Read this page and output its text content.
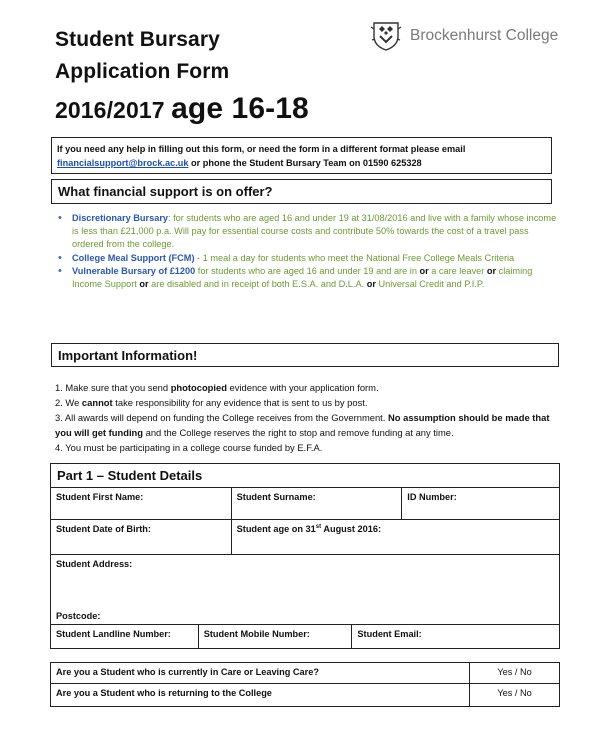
Student Bursary
Application Form
2016/2017 age 16-18
Brockenhurst College
If you need any help in filling out this form, or need the form in a different format please email
financialsupport@brock.ac.uk or phone the Student Bursary Team on 01590 625328
What financial support is on offer?
• Discretionary Bursary: for students who are aged 16 and under 19 at 31/08/2016 and live with a family whose income is less than £21,000 p.a. Will pay for essential course costs and contribute 50% towards the cost of a travel pass ordered from the college.
• College Meal Support (FCM) - 1 meal a day for students who meet the National Free College Meals Criteria
• Vulnerable Bursary of £1200 for students who are aged 16 and under 19 and are in or a care leaver or claiming Income Support or are disabled and in receipt of both E.S.A. and D.L.A. or Universal Credit and P.I.P.
Important Information!
1. Make sure that you send photocopied evidence with your application form.
2. We cannot take responsibility for any evidence that is sent to us by post.
3. All awards will depend on funding the College receives from the Government. No assumption should be made that you will get funding and the College reserves the right to stop and remove funding at any time.
4. You must be participating in a college course funded by E.F.A.
Part 1 – Student Details				
Student First Name:		Student Surname:		ID Number:
Student Date of Birth:		Student age on 31st August 2016:		

Student Address:
Postcode:				

Student Landline Number:	Student Mobile Number:		Student Email:	
Are you a Student who is currently in Care or Leaving Care?	Yes / No
Are you a Student who is returning to the College	Yes / No
